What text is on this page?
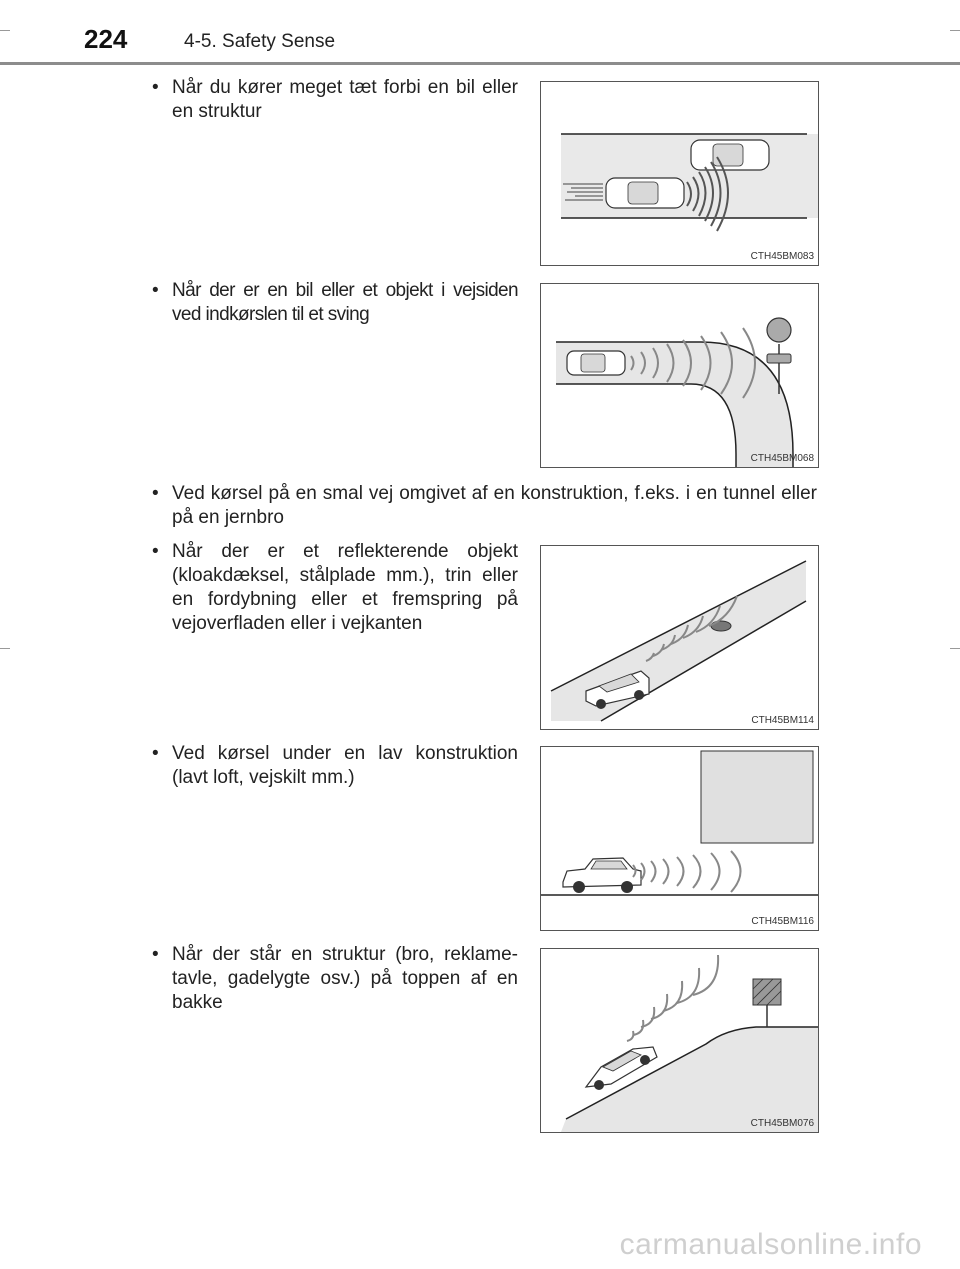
224	4-5. Safety Sense
• Når du kører meget tæt forbi en bil eller en struktur
CTH45BM083
• Når der er en bil eller et objekt i vejsiden ved indkørslen til et sving
CTH45BM068
• Ved kørsel på en smal vej omgivet af en konstruktion, f.eks. i en tunnel eller på en jernbro
• Når der er et reflekterende objekt (kloakdæksel, stålplade mm.), trin eller en fordybning eller et fremspring på vejoverfladen eller i vejkanten
CTH45BM114
• Ved kørsel under en lav konstruktion (lavt loft, vejskilt mm.)
CTH45BM116
• Når der står en struktur (bro, reklame-tavle, gadelygte osv.) på toppen af en bakke
CTH45BM076
carmanualsonline.info
